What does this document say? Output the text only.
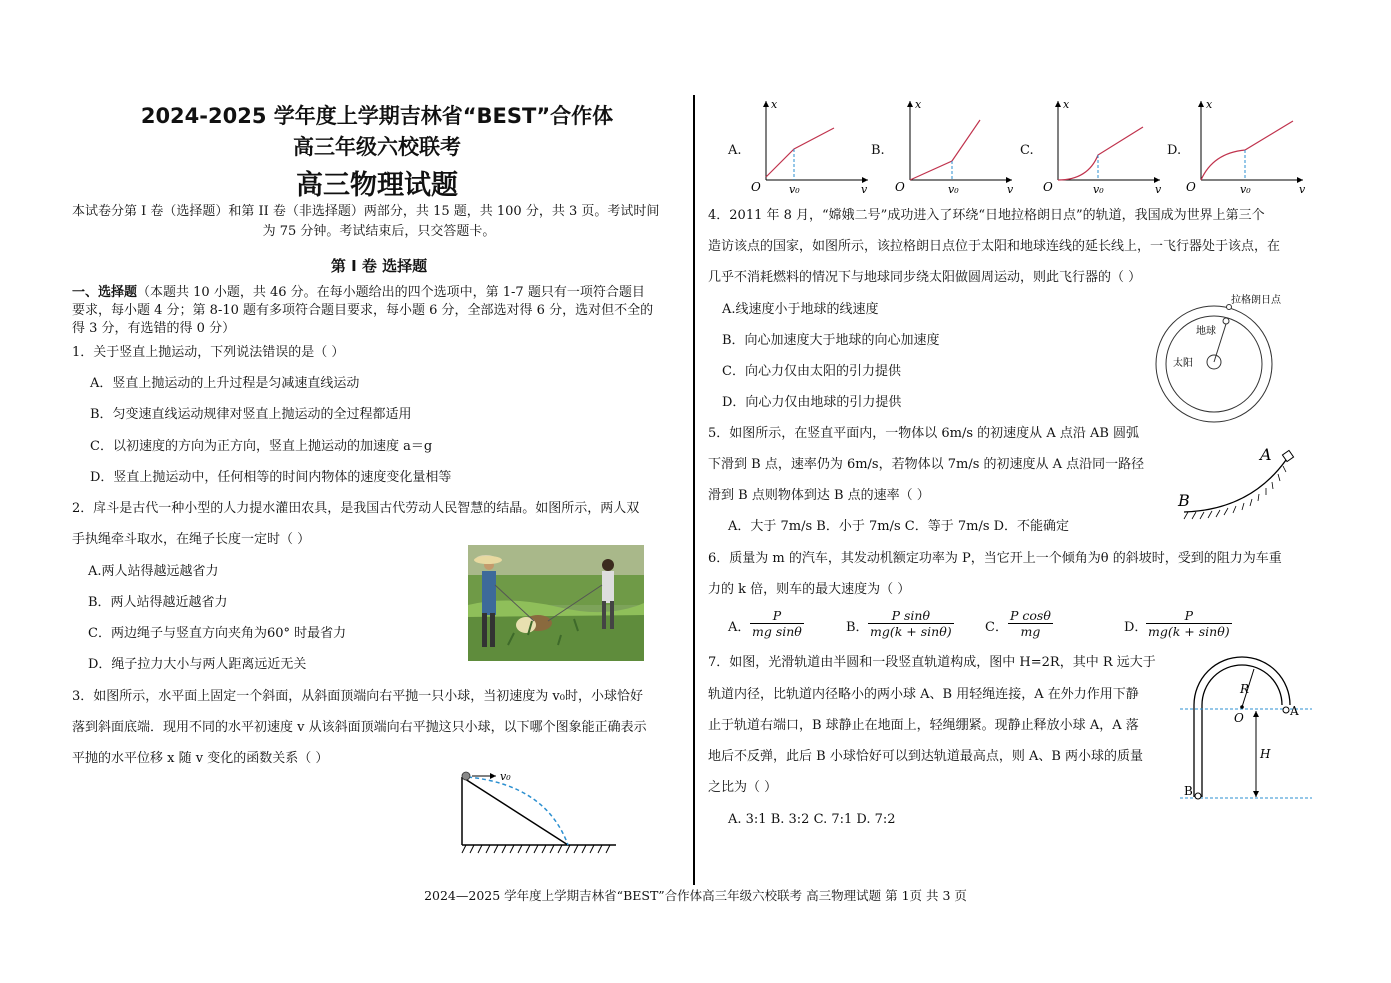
2024-2025 学年度上学期吉林省“BEST”合作体
高三年级六校联考
高三物理试题
本试卷分第 I 卷（选择题）和第 II 卷（非选择题）两部分，共 15 题，共 100 分，共 3 页。考试时间
为 75 分钟。考试结束后，只交答题卡。
第 I 卷 选择题
一、选择题（本题共 10 小题，共 46 分。在每小题给出的四个选项中，第 1-7 题只有一项符合题目
要求，每小题 4 分；第 8-10 题有多项符合题目要求，每小题 6 分，全部选对得 6 分，选对但不全的
得 3 分，有选错的得 0 分）
1．关于竖直上抛运动，下列说法错误的是（ ）
A．竖直上抛运动的上升过程是匀减速直线运动
B．匀变速直线运动规律对竖直上抛运动的全过程都适用
C．以初速度的方向为正方向，竖直上抛运动的加速度 a＝g
D．竖直上抛运动中，任何相等的时间内物体的速度变化量相等
2．戽斗是古代一种小型的人力提水灌田农具，是我国古代劳动人民智慧的结晶。如图所示，两人双
手执绳牵斗取水，在绳子长度一定时（ ）
A.两人站得越远越省力
B．两人站得越近越省力
C．两边绳子与竖直方向夹角为60° 时最省力
D．绳子拉力大小与两人距离远近无关
3．如图所示，水平面上固定一个斜面，从斜面顶端向右平抛一只小球，当初速度为 v₀时，小球恰好
落到斜面底端．现用不同的水平初速度 v 从该斜面顶端向右平抛这只小球，以下哪个图象能正确表示
平抛的水平位移 x 随 v 变化的函数关系（ ）
v₀
A.
x
O	v₀	v
B.
x
O	v₀	v
C.
x
O	v₀	v
D.
x
O	v₀	v
4．2011 年 8 月，“嫦娥二号”成功进入了环绕“日地拉格朗日点”的轨道，我国成为世界上第三个
造访该点的国家，如图所示，该拉格朗日点位于太阳和地球连线的延长线上，一飞行器处于该点，在
几乎不消耗燃料的情况下与地球同步绕太阳做圆周运动，则此飞行器的（ ）
A.线速度小于地球的线速度
B．向心加速度大于地球的向心加速度
C．向心力仅由太阳的引力提供
D．向心力仅由地球的引力提供
拉格朗日点
地球
太阳
5．如图所示，在竖直平面内，一物体以 6m/s 的初速度从 A 点沿 AB 圆弧
下滑到 B 点，速率仍为 6m/s，若物体以 7m/s 的初速度从 A 点沿同一路径
滑到 B 点则物体到达 B 点的速率（ ）
A．大于 7m/s B．小于 7m/s C．等于 7m/s D．不能确定
A
B
6．质量为 m 的汽车，其发动机额定功率为 P，当它开上一个倾角为θ 的斜坡时，受到的阻力为车重
力的 k 倍，则车的最大速度为（ ）
A． $\frac{P}{\text{mg sinθ}}$	B． $\frac{\text{P sinθ}}{mg(k + \sin\theta)}$ C． $\frac{\text{P cosθ}}{mg}$	D．
$\frac{P}{mg(k + \sin\theta)}$
7．如图，光滑轨道由半圆和一段竖直轨道构成，图中 H=2R，其中 R 远大于
轨道内径，比轨道内径略小的两小球 A、B 用轻绳连接，A 在外力作用下静
止于轨道右端口，B 球静止在地面上，轻绳绷紧。现静止释放小球 A，A 落
地后不反弹，此后 B 小球恰好可以到达轨道最高点，则 A、B 两小球的质量
之比为（ ）
A. 3:1 B. 3:2 C. 7:1 D. 7:2
R
O	A
H
B
2024—2025 学年度上学期吉林省“BEST”合作体高三年级六校联考 高三物理试题 第 1页 共 3 页
